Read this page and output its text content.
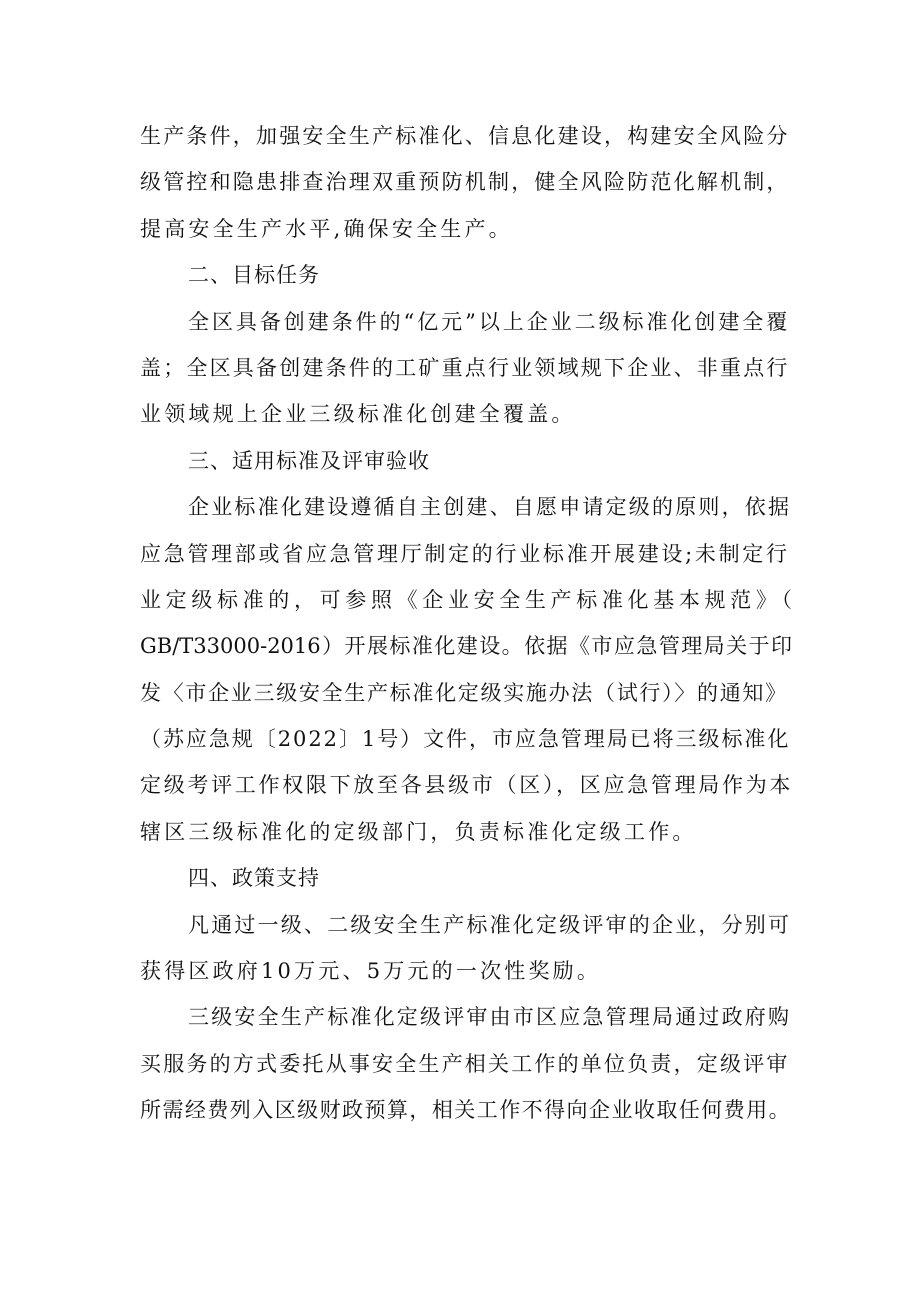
生产条件，加强安全生产标准化、信息化建设，构建安全风险分
级管控和隐患排查治理双重预防机制，健全风险防范化解机制，
提高安全生产水平,确保安全生产。
二、目标任务
全区具备创建条件的“亿元”以上企业二级标准化创建全覆
盖；全区具备创建条件的工矿重点行业领域规下企业、非重点行
业领域规上企业三级标准化创建全覆盖。
三、适用标准及评审验收
企业标准化建设遵循自主创建、自愿申请定级的原则，依据
应急管理部或省应急管理厅制定的行业标准开展建设;未制定行
业定级标准的，可参照《企业安全生产标准化基本规范》（
GB/T33000-2016）开展标准化建设。依据《市应急管理局关于印
发〈市企业三级安全生产标准化定级实施办法（试行）〉的通知》
（苏应急规〔2022〕1号）文件，市应急管理局已将三级标准化
定级考评工作权限下放至各县级市（区），区应急管理局作为本
辖区三级标准化的定级部门，负责标准化定级工作。
四、政策支持
凡通过一级、二级安全生产标准化定级评审的企业，分别可
获得区政府10万元、5万元的一次性奖励。
三级安全生产标准化定级评审由市区应急管理局通过政府购
买服务的方式委托从事安全生产相关工作的单位负责，定级评审
所需经费列入区级财政预算，相关工作不得向企业收取任何费用。
